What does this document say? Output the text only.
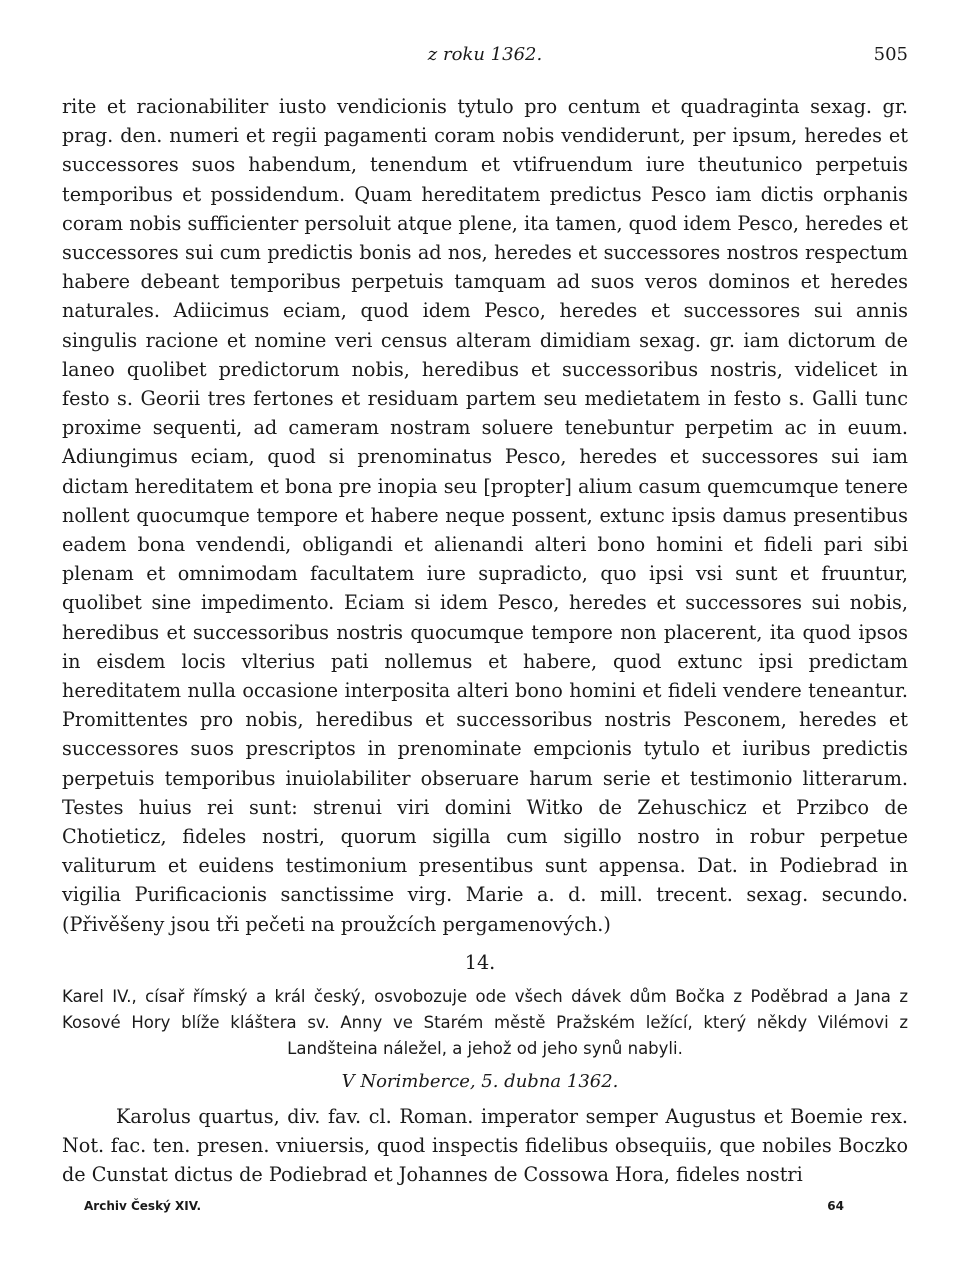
z roku 1362.	505

rite et racionabiliter iusto vendicionis tytulo pro centum et quadraginta sexag. gr. prag. den. numeri et regii pagamenti coram nobis vendiderunt, per ipsum, heredes et successores suos habendum, tenendum et vtifruendum iure theutunico perpetuis temporibus et possidendum. Quam hereditatem predictus Pesco iam dictis orphanis coram nobis sufficienter persoluit atque plene, ita tamen, quod idem Pesco, heredes et successores sui cum predictis bonis ad nos, heredes et successores nostros respectum habere debeant temporibus perpetuis tamquam ad suos veros dominos et heredes naturales. Adiicimus eciam, quod idem Pesco, heredes et successores sui annis singulis racione et nomine veri census alteram dimidiam sexag. gr. iam dictorum de laneo quolibet predictorum nobis, heredibus et successoribus nostris, videlicet in festo s. Georii tres fertones et residuam partem seu medietatem in festo s. Galli tunc proxime sequenti, ad cameram nostram soluere tenebuntur perpetim ac in euum. Adiungimus eciam, quod si prenominatus Pesco, heredes et successores sui iam dictam hereditatem et bona pre inopia seu [propter] alium casum quemcumque tenere nollent quocumque tempore et habere neque possent, extunc ipsis damus presentibus eadem bona vendendi, obligandi et alienandi alteri bono homini et fideli pari sibi plenam et omnimodam facultatem iure supradicto, quo ipsi vsi sunt et fruuntur, quolibet sine impedimento. Eciam si idem Pesco, heredes et successores sui nobis, heredibus et successoribus nostris quocumque tempore non placerent, ita quod ipsos in eisdem locis vlterius pati nollemus et habere, quod extunc ipsi predictam hereditatem nulla occasione interposita alteri bono homini et fideli vendere teneantur. Promittentes pro nobis, heredibus et successoribus nostris Pesconem, heredes et successores suos prescriptos in prenominate empcionis tytulo et iuribus predictis perpetuis temporibus inuiolabiliter obseruare harum serie et testimonio litterarum. Testes huius rei sunt: strenui viri domini Witko de Zehuschicz et Przibco de Chotieticz, fideles nostri, quorum sigilla cum sigillo nostro in robur perpetue valiturum et euidens testimonium presentibus sunt appensa. Dat. in Podiebrad in vigilia Purificacionis sanctissime virg. Marie a. d. mill. trecent. sexag. secundo. (Přivěšeny jsou tři pečeti na proužcích pergamenových.)

14.

Karel IV., císař římský a král český, osvobozuje ode všech dávek dům Bočka z Poděbrad a Jana z Kosové Hory blíže kláštera sv. Anny ve Starém městě Pražském ležící, který někdy Vilémovi z Landšteina náležel, a jehož od jeho synů nabyli.

V Norimberce, 5. dubna 1362.

Karolus quartus, div. fav. cl. Roman. imperator semper Augustus et Boemie rex. Not. fac. ten. presen. vniuersis, quod inspectis fidelibus obsequiis, que nobiles Boczko de Cunstat dictus de Podiebrad et Johannes de Cossowa Hora, fideles nostri

Archiv Český XIV.	64
